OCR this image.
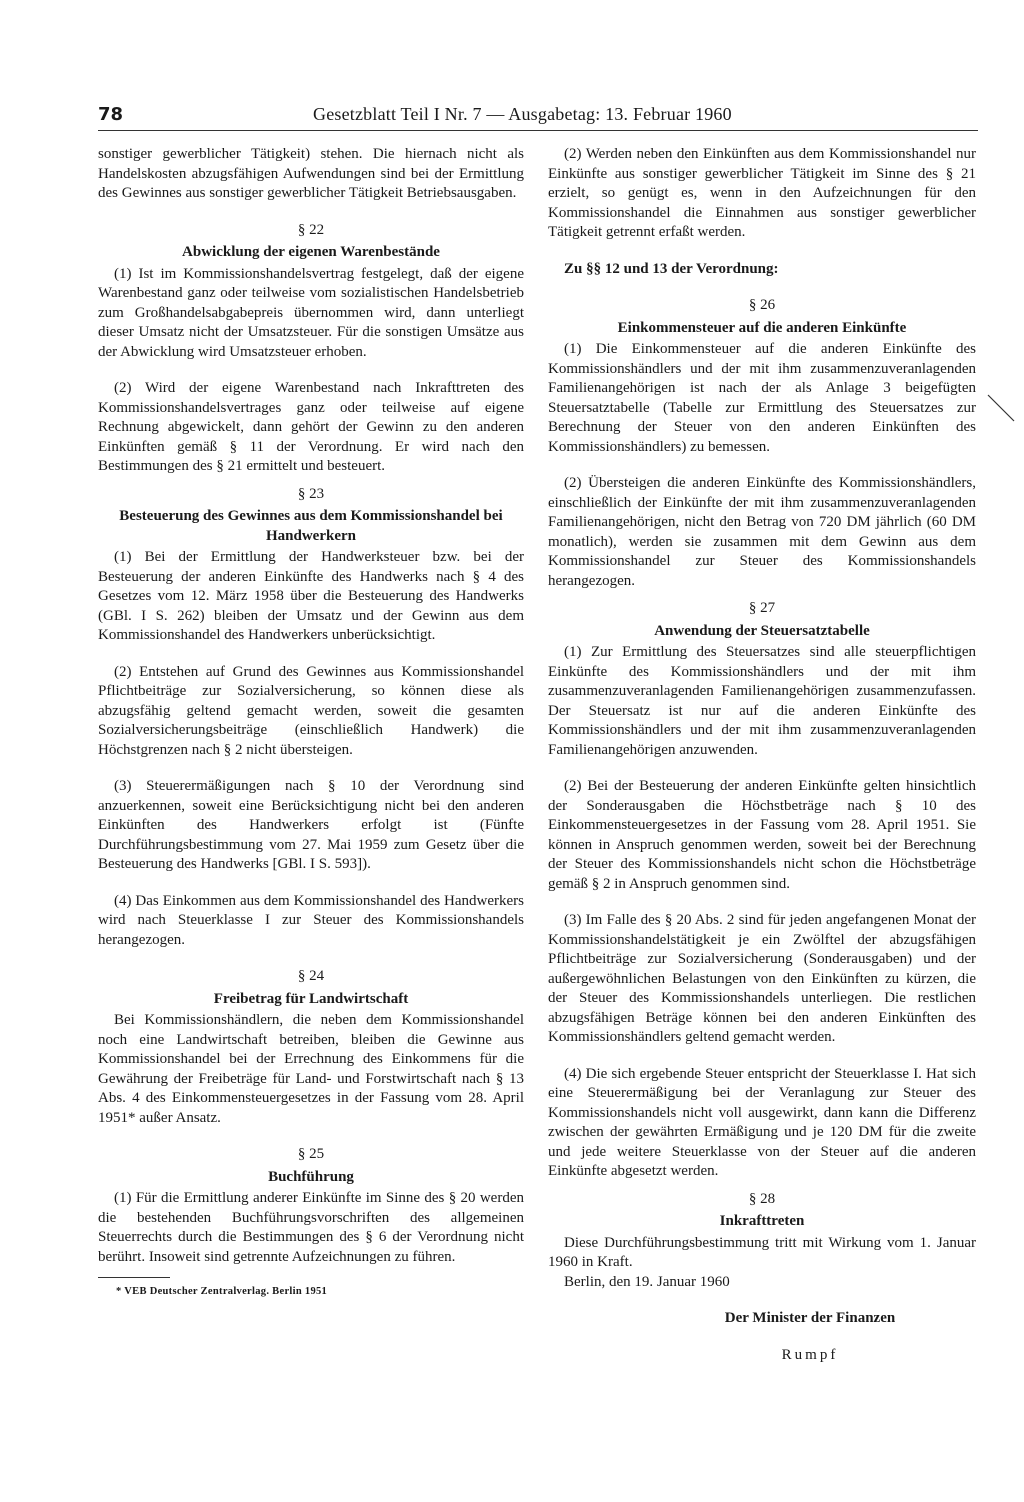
78	Gesetzblatt Teil I Nr. 7 — Ausgabetag: 13. Februar 1960

sonstiger gewerblicher Tätigkeit) stehen. Die hiernach nicht als Handelskosten abzugsfähigen Aufwendungen sind bei der Ermittlung des Gewinnes aus sonstiger gewerblicher Tätigkeit Betriebsausgaben.

§ 22
Abwicklung der eigenen Warenbestände

(1) Ist im Kommissionshandelsvertrag festgelegt, daß der eigene Warenbestand ganz oder teilweise vom sozialistischen Handelsbetrieb zum Großhandelsabgabepreis übernommen wird, dann unterliegt dieser Umsatz nicht der Umsatzsteuer. Für die sonstigen Umsätze aus der Abwicklung wird Umsatzsteuer erhoben.

(2) Wird der eigene Warenbestand nach Inkrafttreten des Kommissionshandelsvertrages ganz oder teilweise auf eigene Rechnung abgewickelt, dann gehört der Gewinn zu den anderen Einkünften gemäß § 11 der Verordnung. Er wird nach den Bestimmungen des § 21 ermittelt und besteuert.

§ 23
Besteuerung des Gewinnes aus dem Kommissionshandel bei Handwerkern

(1) Bei der Ermittlung der Handwerksteuer bzw. bei der Besteuerung der anderen Einkünfte des Handwerks nach § 4 des Gesetzes vom 12. März 1958 über die Besteuerung des Handwerks (GBl. I S. 262) bleiben der Umsatz und der Gewinn aus dem Kommissionshandel des Handwerkers unberücksichtigt.

(2) Entstehen auf Grund des Gewinnes aus Kommissionshandel Pflichtbeiträge zur Sozialversicherung, so können diese als abzugsfähig geltend gemacht werden, soweit die gesamten Sozialversicherungsbeiträge (einschließlich Handwerk) die Höchstgrenzen nach § 2 nicht übersteigen.

(3) Steuerermäßigungen nach § 10 der Verordnung sind anzuerkennen, soweit eine Berücksichtigung nicht bei den anderen Einkünften des Handwerkers erfolgt ist (Fünfte Durchführungsbestimmung vom 27. Mai 1959 zum Gesetz über die Besteuerung des Handwerks [GBl. I S. 593]).

(4) Das Einkommen aus dem Kommissionshandel des Handwerkers wird nach Steuerklasse I zur Steuer des Kommissionshandels herangezogen.

§ 24
Freibetrag für Landwirtschaft

Bei Kommissionshändlern, die neben dem Kommissionshandel noch eine Landwirtschaft betreiben, bleiben die Gewinne aus Kommissionshandel bei der Errechnung des Einkommens für die Gewährung der Freibeträge für Land- und Forstwirtschaft nach § 13 Abs. 4 des Einkommensteuergesetzes in der Fassung vom 28. April 1951* außer Ansatz.

§ 25
Buchführung

(1) Für die Ermittlung anderer Einkünfte im Sinne des § 20 werden die bestehenden Buchführungsvorschriften des allgemeinen Steuerrechts durch die Bestimmungen des § 6 der Verordnung nicht berührt. Insoweit sind getrennte Aufzeichnungen zu führen.

* VEB Deutscher Zentralverlag. Berlin 1951

(2) Werden neben den Einkünften aus dem Kommissionshandel nur Einkünfte aus sonstiger gewerblicher Tätigkeit im Sinne des § 21 erzielt, so genügt es, wenn in den Aufzeichnungen für den Kommissionshandel die Einnahmen aus sonstiger gewerblicher Tätigkeit getrennt erfaßt werden.

Zu §§ 12 und 13 der Verordnung:

§ 26
Einkommensteuer auf die anderen Einkünfte

(1) Die Einkommensteuer auf die anderen Einkünfte des Kommissionshändlers und der mit ihm zusammenzuveranlagenden Familienangehörigen ist nach der als Anlage 3 beigefügten Steuersatztabelle (Tabelle zur Ermittlung des Steuersatzes zur Berechnung der Steuer von den anderen Einkünften des Kommissionshändlers) zu bemessen.

(2) Übersteigen die anderen Einkünfte des Kommissionshändlers, einschließlich der Einkünfte der mit ihm zusammenzuveranlagenden Familienangehörigen, nicht den Betrag von 720 DM jährlich (60 DM monatlich), werden sie zusammen mit dem Gewinn aus dem Kommissionshandel zur Steuer des Kommissionshandels herangezogen.

§ 27
Anwendung der Steuersatztabelle

(1) Zur Ermittlung des Steuersatzes sind alle steuerpflichtigen Einkünfte des Kommissionshändlers und der mit ihm zusammenzuveranlagenden Familienangehörigen zusammenzufassen. Der Steuersatz ist nur auf die anderen Einkünfte des Kommissionshändlers und der mit ihm zusammenzuveranlagenden Familienangehörigen anzuwenden.

(2) Bei der Besteuerung der anderen Einkünfte gelten hinsichtlich der Sonderausgaben die Höchstbeträge nach § 10 des Einkommensteuergesetzes in der Fassung vom 28. April 1951. Sie können in Anspruch genommen werden, soweit bei der Berechnung der Steuer des Kommissionshandels nicht schon die Höchstbeträge gemäß § 2 in Anspruch genommen sind.

(3) Im Falle des § 20 Abs. 2 sind für jeden angefangenen Monat der Kommissionshandelstätigkeit je ein Zwölftel der abzugsfähigen Pflichtbeiträge zur Sozialversicherung (Sonderausgaben) und der außergewöhnlichen Belastungen von den Einkünften zu kürzen, die der Steuer des Kommissionshandels unterliegen. Die restlichen abzugsfähigen Beträge können bei den anderen Einkünften des Kommissionshändlers geltend gemacht werden.

(4) Die sich ergebende Steuer entspricht der Steuerklasse I. Hat sich eine Steuerermäßigung bei der Veranlagung zur Steuer des Kommissionshandels nicht voll ausgewirkt, dann kann die Differenz zwischen der gewährten Ermäßigung und je 120 DM für die zweite und jede weitere Steuerklasse von der Steuer auf die anderen Einkünfte abgesetzt werden.

§ 28
Inkrafttreten

Diese Durchführungsbestimmung tritt mit Wirkung vom 1. Januar 1960 in Kraft.

Berlin, den 19. Januar 1960

Der Minister der Finanzen

Rumpf
